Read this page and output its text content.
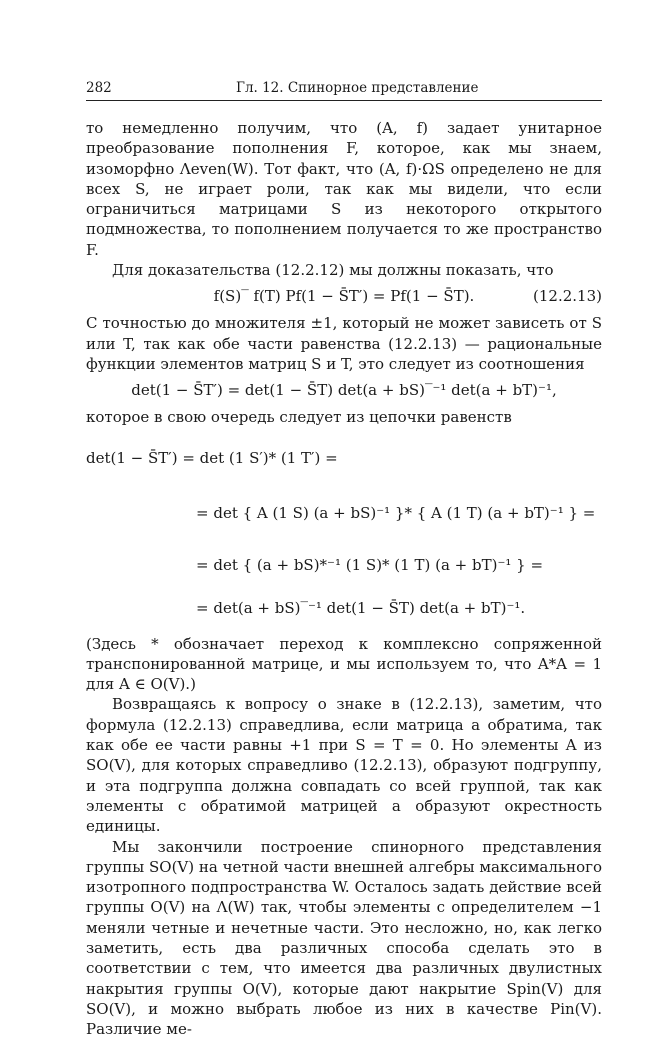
282	Гл. 12. Спинорное представление

то немедленно получим, что (A, f) задает унитарное преобразование пополнения F, которое, как мы знаем, изоморфно Λeven(W). Тот факт, что (A, f)·ΩS определено не для всех S, не играет роли, так как мы видели, что если ограничиться матрицами S из некоторого открытого подмножества, то пополнением получается то же пространство F.

Для доказательства (12.2.12) мы должны показать, что

f(S)‾ f(T) Pf(1 − S̄T′) = Pf(1 − S̄T).	(12.2.13)

С точностью до множителя ±1, который не может зависеть от S или T, так как обе части равенства (12.2.13) — рациональные функции элементов матриц S и T, это следует из соотношения

det(1 − S̄T′) = det(1 − S̄T) det(a + bS)‾⁻¹ det(a + bT)⁻¹,

которое в свою очередь следует из цепочки равенств

det(1 − S̄T′) = det (1 S′)* (1 T′) =
= det { A (1 S) (a + bS)⁻¹ }* { A (1 T) (a + bT)⁻¹ } =
= det { (a + bS)*⁻¹ (1 S)* (1 T) (a + bT)⁻¹ } =
= det(a + bS)‾⁻¹ det(1 − S̄T) det(a + bT)⁻¹.

(Здесь * обозначает переход к комплексно сопряженной транспонированной матрице, и мы используем то, что A*A = 1 для A ∈ O(V).)

Возвращаясь к вопросу о знаке в (12.2.13), заметим, что формула (12.2.13) справедлива, если матрица a обратима, так как обе ее части равны +1 при S = T = 0. Но элементы A из SO(V), для которых справедливо (12.2.13), образуют подгруппу, и эта подгруппа должна совпадать со всей группой, так как элементы с обратимой матрицей a образуют окрестность единицы.

Мы закончили построение спинорного представления группы SO(V) на четной части внешней алгебры максимального изотропного подпространства W. Осталось задать действие всей группы O(V) на Λ(W) так, чтобы элементы с определителем −1 меняли четные и нечетные части. Это несложно, но, как легко заметить, есть два различных способа сделать это в соответствии с тем, что имеется два различных двулистных накрытия группы O(V), которые дают накрытие Spin(V) для SO(V), и можно выбрать любое из них в качестве Pin(V). Различие ме-
